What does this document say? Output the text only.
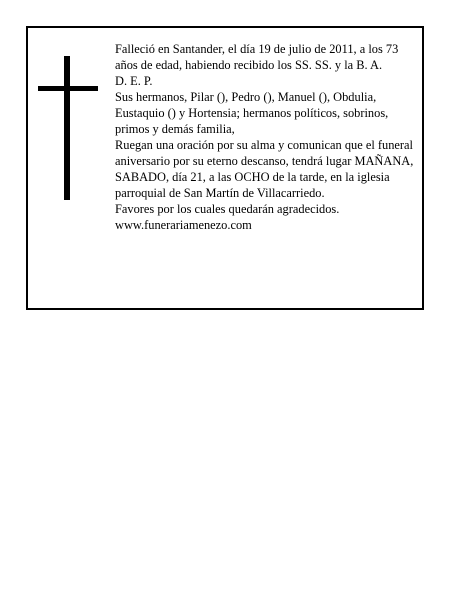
Falleció en Santander, el día 19 de julio de 2011, a los 73 años de edad, habiendo recibido los SS. SS. y la B. A.

D. E. P.

Sus hermanos, Pilar (), Pedro (), Manuel (), Obdulia, Eustaquio () y Hortensia; hermanos políticos, sobrinos, primos y demás familia,

Ruegan una oración por su alma y comunican que el funeral aniversario por su eterno descanso, tendrá lugar MAÑANA, SABADO, día 21, a las OCHO de la tarde, en la iglesia parroquial de San Martín de Villacarriedo.

Favores por los cuales quedarán agradecidos.

www.funerariamenezo.com
